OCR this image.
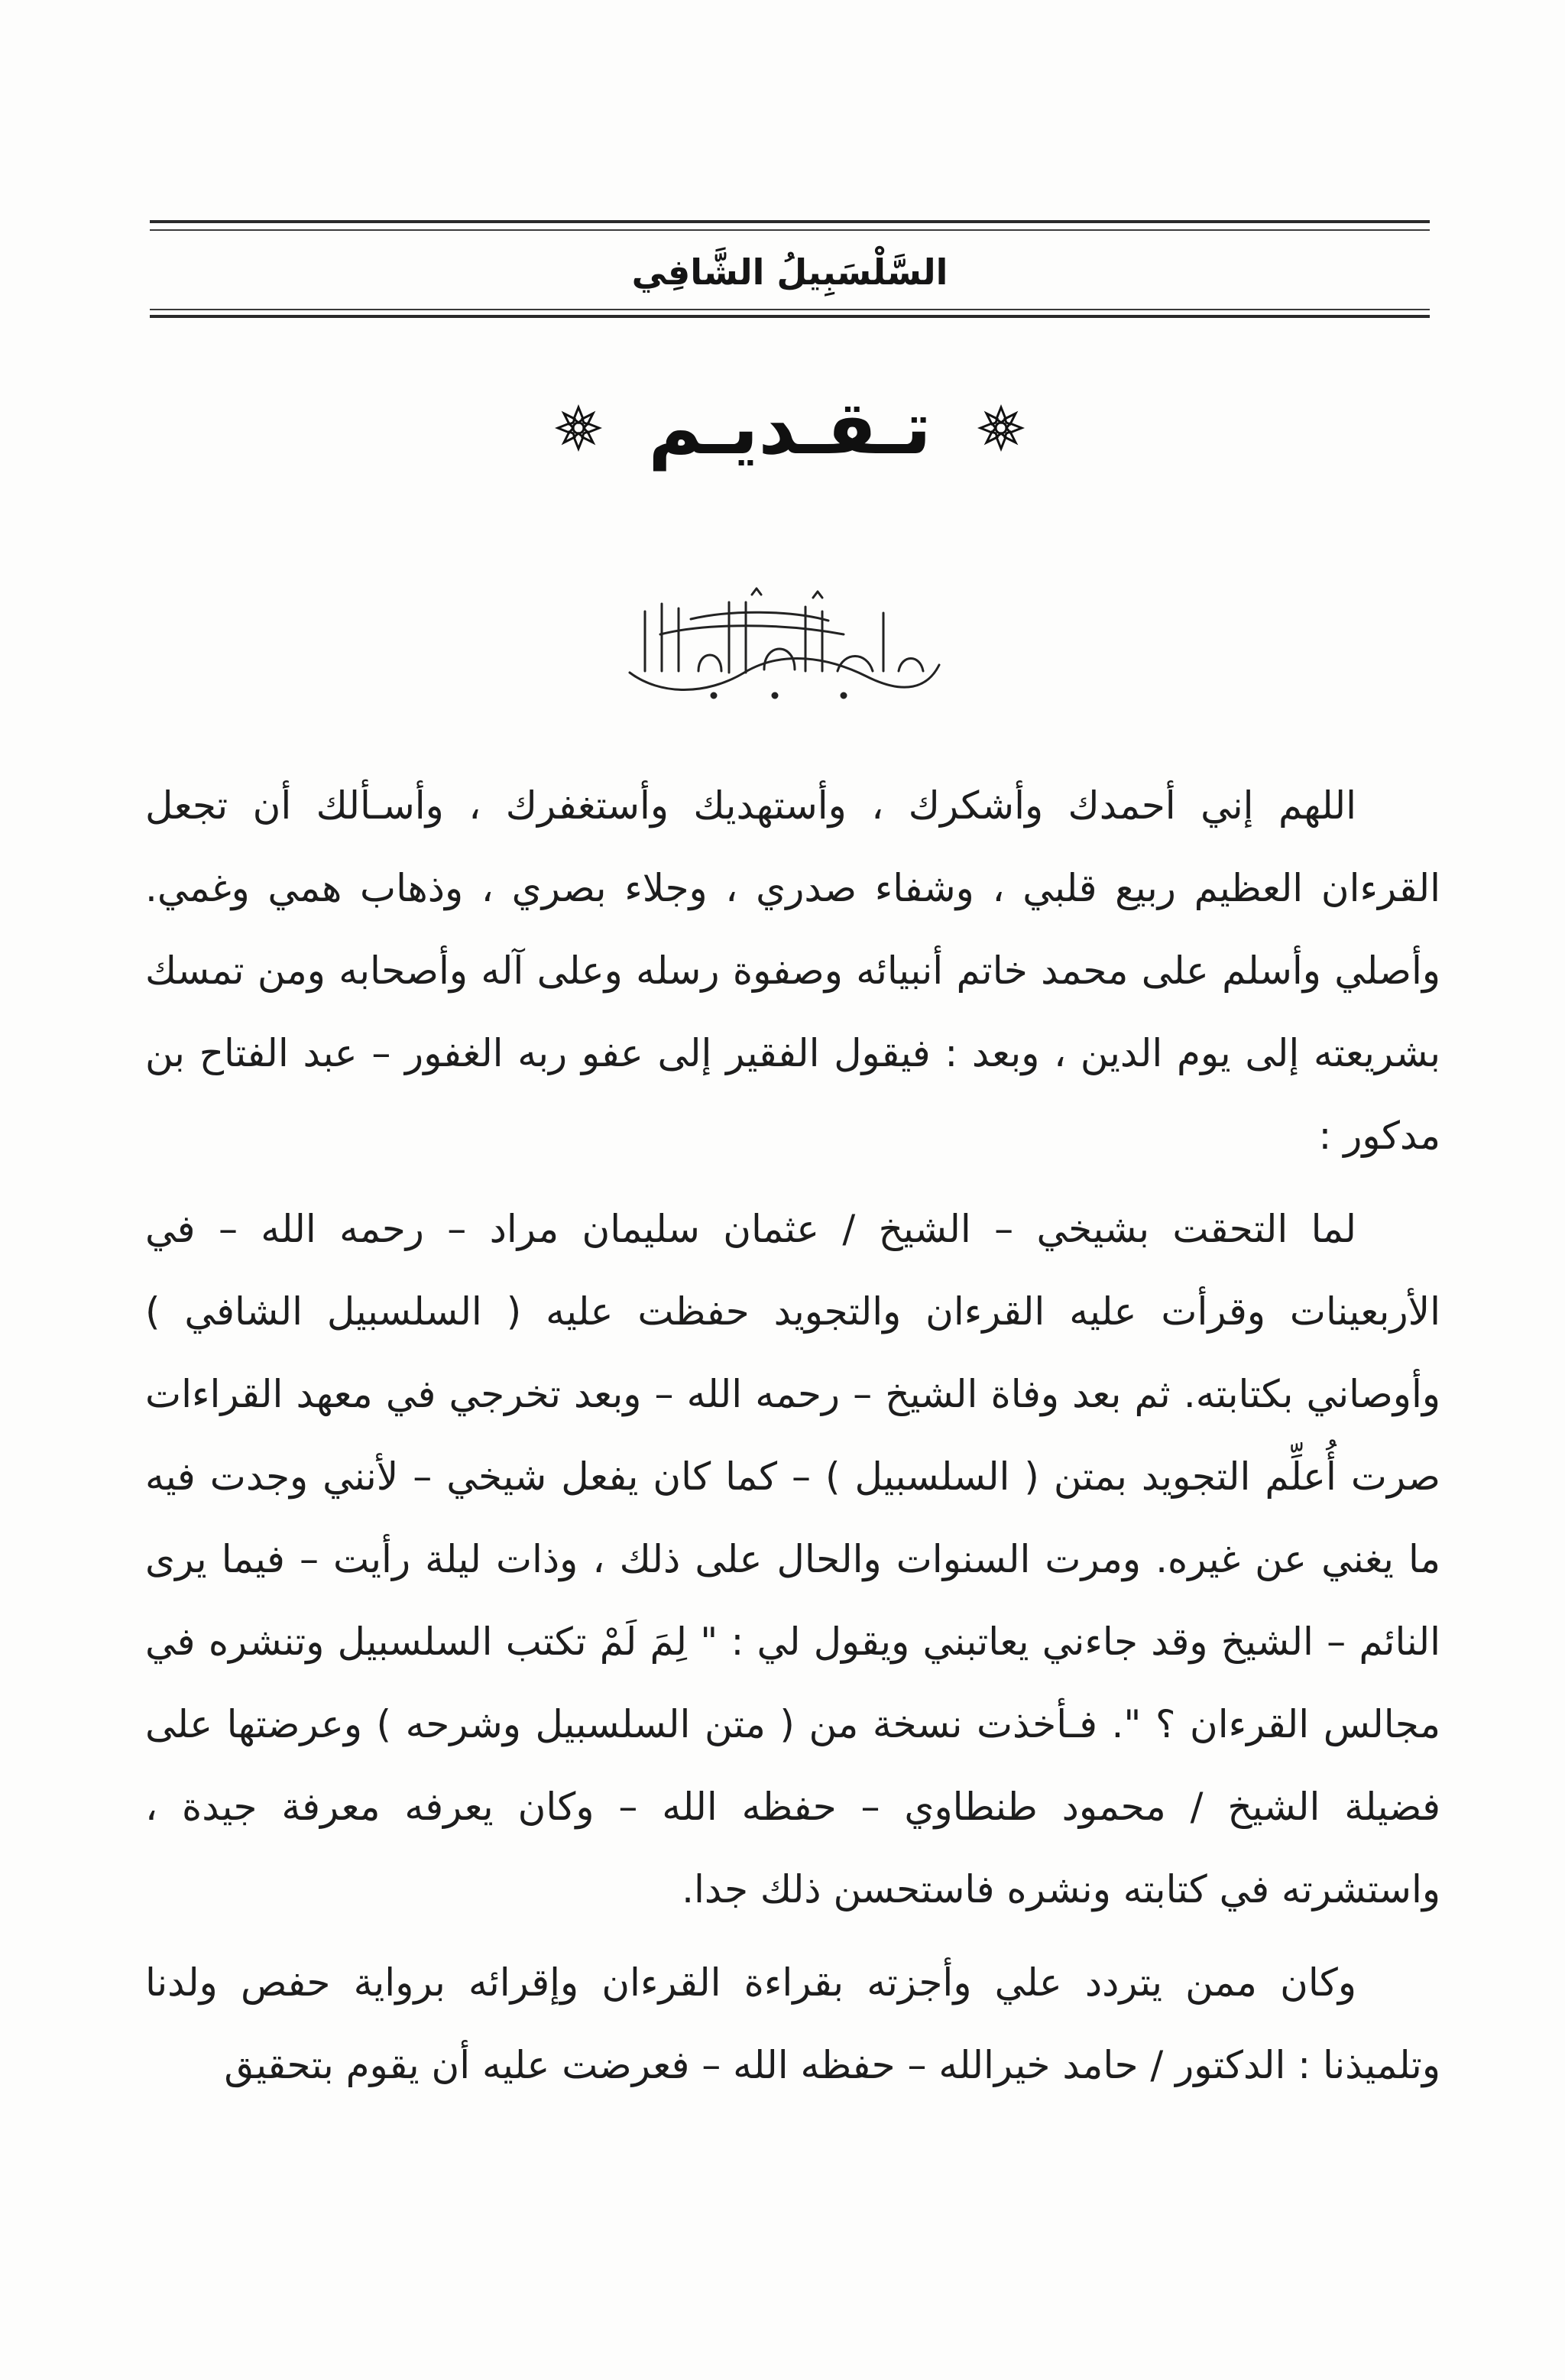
السَّلْسَبِيلُ الشَّافِي
تـقـديـم

اللهم إني أحمدك وأشكرك ، وأستهديك وأستغفرك ، وأسـألك أن تجعل القرءان العظيم ربيع قلبي ، وشفاء صدري ، وجلاء بصري ، وذهاب همي وغمي. وأصلي وأسلم على محمد خاتم أنبيائه وصفوة رسله وعلى آله وأصحابه ومن تمسك بشريعته إلى يوم الدين ، وبعد : فيقول الفقير إلى عفو ربه الغفور – عبد الفتاح بن مدكور :

لما التحقت بشيخي – الشيخ / عثمان سليمان مراد – رحمه الله – في الأربعينات وقرأت عليه القرءان والتجويد حفظت عليه ( السلسبيل الشافي ) وأوصاني بكتابته. ثم بعد وفاة الشيخ – رحمه الله – وبعد تخرجي في معهد القراءات صرت أُعلِّم التجويد بمتن ( السلسبيل ) – كما كان يفعل شيخي – لأنني وجدت فيه ما يغني عن غيره. ومرت السنوات والحال على ذلك ، وذات ليلة رأيت – فيما يرى النائم – الشيخ وقد جاءني يعاتبني ويقول لي : " لِمَ لَمْ تكتب السلسبيل وتنشره في مجالس القرءان ؟ ". فـأخذت نسخة من ( متن السلسبيل وشرحه ) وعرضتها على فضيلة الشيخ / محمود طنطاوي – حفظه الله – وكان يعرفه معرفة جيدة ، واستشرته في كتابته ونشره فاستحسن ذلك جدا.

وكان ممن يتردد علي وأجزته بقراءة القرءان وإقرائه برواية حفص ولدنا وتلميذنا : الدكتور / حامد خيرالله – حفظه الله – فعرضت عليه أن يقوم بتحقيق
